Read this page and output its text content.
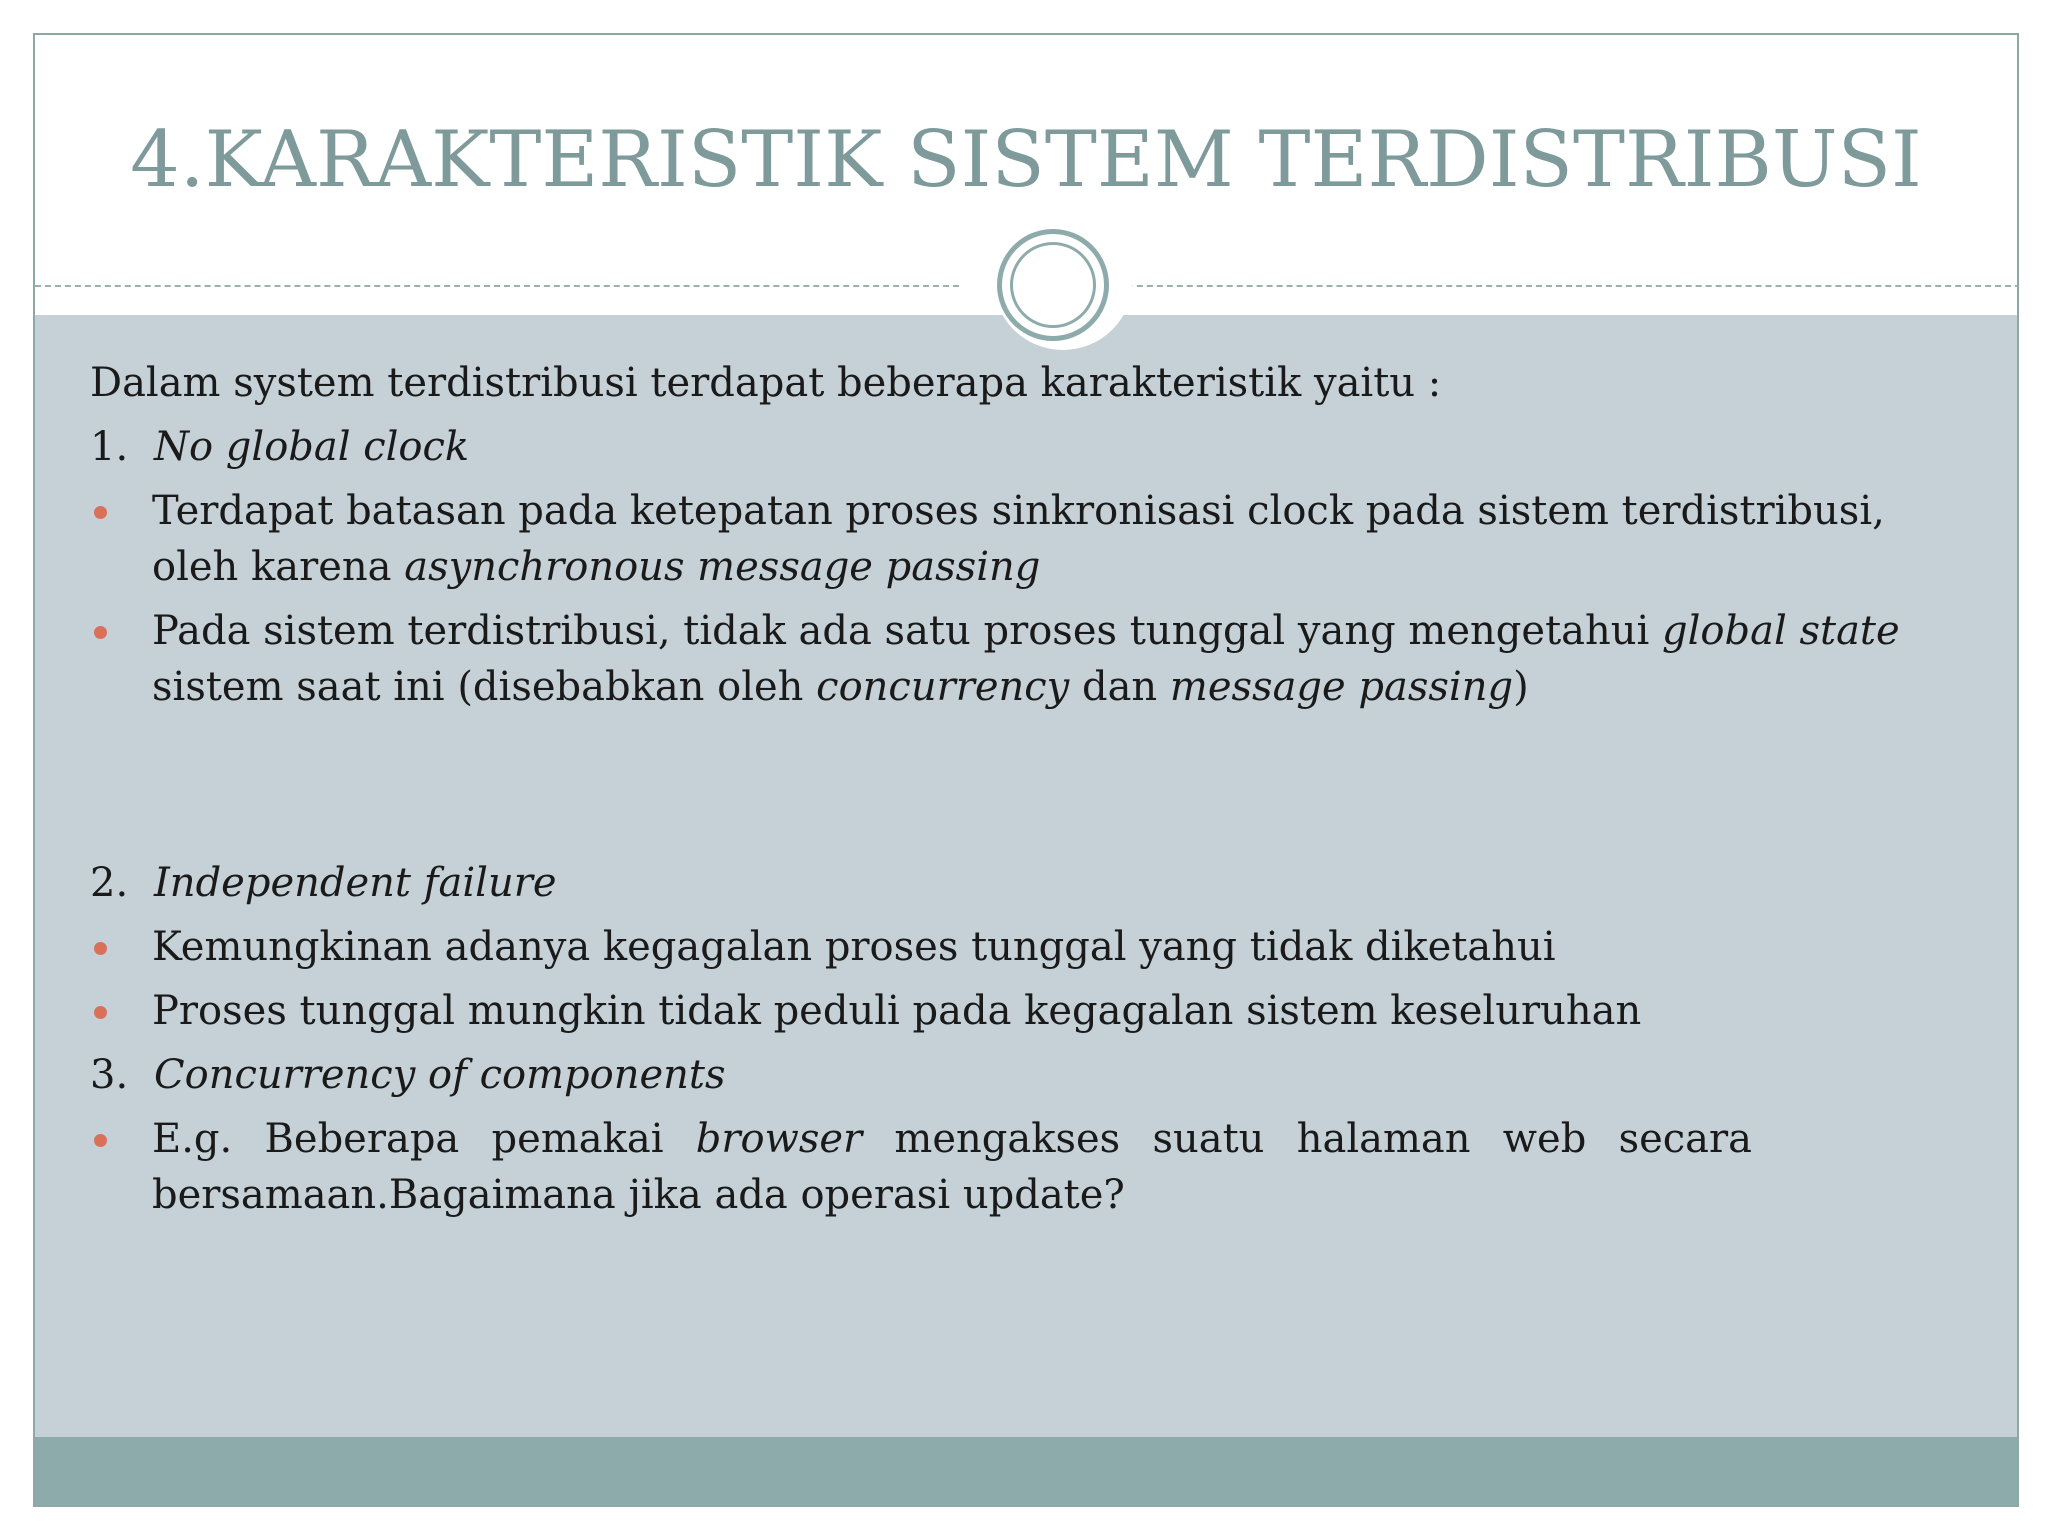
4.KARAKTERISTIK SISTEM TERDISTRIBUSI
Dalam system terdistribusi terdapat beberapa karakteristik yaitu :
1. No global clock
Terdapat batasan pada ketepatan proses sinkronisasi clock pada sistem terdistribusi, oleh karena asynchronous message passing
Pada sistem terdistribusi, tidak ada satu proses tunggal yang mengetahui global state sistem saat ini (disebabkan oleh concurrency dan message passing)
2. Independent failure
Kemungkinan adanya kegagalan proses tunggal yang tidak diketahui
Proses tunggal mungkin tidak peduli pada kegagalan sistem keseluruhan
3. Concurrency of components
E.g. Beberapa pemakai browser mengakses suatu halaman web secara bersamaan.Bagaimana jika ada operasi update?
